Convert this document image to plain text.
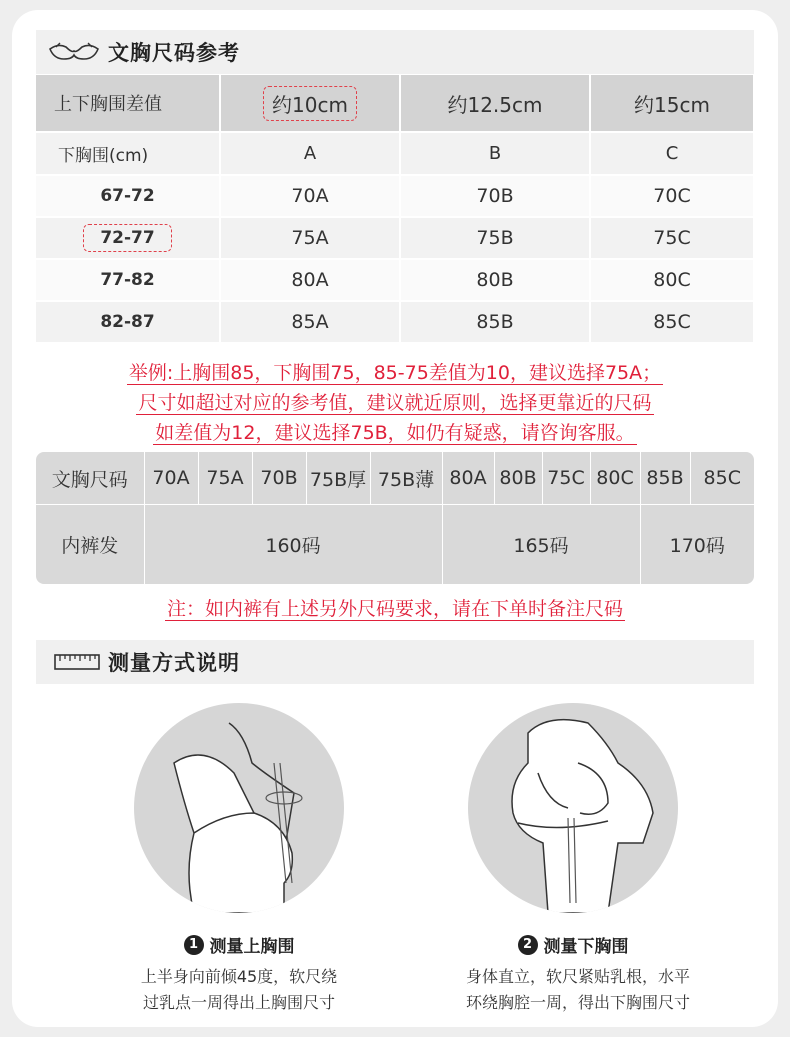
文胸尺码参考
上下胸围差值	约10cm	约12.5cm	约15cm
下胸围(cm)	A	B	C
67-72	70A	70B	70C
72-77	75A	75B	75C
77-82	80A	80B	80C
82-87	85A	85B	85C
举例:上胸围85，下胸围75，85-75差值为10，建议选择75A；
尺寸如超过对应的参考值，建议就近原则，选择更靠近的尺码
如差值为12，建议选择75B，如仍有疑惑，请咨询客服。
文胸尺码	70A	75A	70B	75B厚	75B薄	80A	80B	75C	80C	85B	85C
内裤发	160码					165码				170码	
注：如内裤有上述另外尺码要求，请在下单时备注尺码
测量方式说明
1 测量上胸围
上半身向前倾45度，软尺绕
过乳点一周得出上胸围尺寸
2 测量下胸围
身体直立，软尺紧贴乳根，水平
环绕胸腔一周，得出下胸围尺寸
